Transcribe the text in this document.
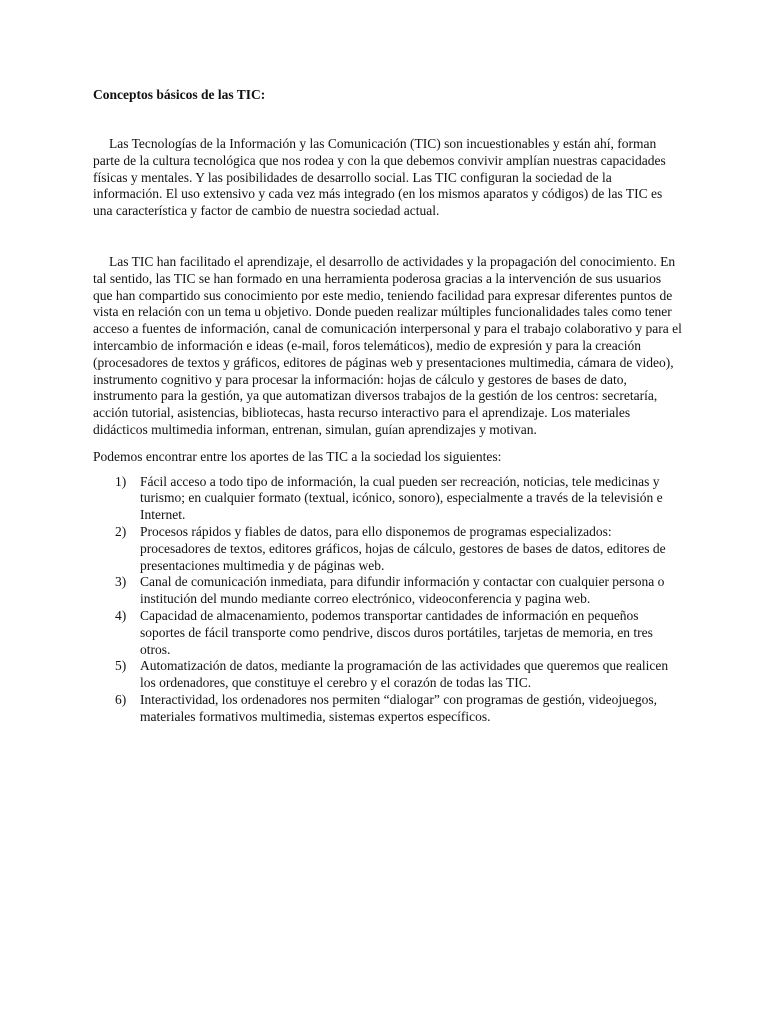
Conceptos básicos de las TIC:

Las Tecnologías de la Información y las Comunicación (TIC) son incuestionables y están ahí, forman parte de la cultura tecnológica que nos rodea y con la que debemos convivir amplían nuestras capacidades físicas y mentales. Y las posibilidades de desarrollo social. Las TIC configuran la sociedad de la información. El uso extensivo y cada vez más integrado (en los mismos aparatos y códigos) de las TIC es una característica y factor de cambio de nuestra sociedad actual.

Las TIC han facilitado el aprendizaje, el desarrollo de actividades y la propagación del conocimiento. En tal sentido, las TIC se han formado en una herramienta poderosa gracias a la intervención de sus usuarios que han compartido sus conocimiento por este medio, teniendo facilidad para expresar diferentes puntos de vista en relación con un tema u objetivo. Donde pueden realizar múltiples funcionalidades tales como tener acceso a fuentes de información, canal de comunicación interpersonal y para el trabajo colaborativo y para el intercambio de información e ideas (e-mail, foros telemáticos), medio de expresión y para la creación (procesadores de textos y gráficos, editores de páginas web y presentaciones multimedia, cámara de video), instrumento cognitivo y para procesar la información: hojas de cálculo y gestores de bases de dato, instrumento para la gestión, ya que automatizan diversos trabajos de la gestión de los centros: secretaría, acción tutorial, asistencias, bibliotecas, hasta recurso interactivo para el aprendizaje. Los materiales didácticos multimedia informan, entrenan, simulan, guían aprendizajes y motivan.

Podemos encontrar entre los aportes de las TIC a la sociedad los siguientes:

1) Fácil acceso a todo tipo de información, la cual pueden ser recreación, noticias, tele medicinas y turismo; en cualquier formato (textual, icónico, sonoro), especialmente a través de la televisión e Internet.
2) Procesos rápidos y fiables de datos, para ello disponemos de programas especializados: procesadores de textos, editores gráficos, hojas de cálculo, gestores de bases de datos, editores de presentaciones multimedia y de páginas web.
3) Canal de comunicación inmediata, para difundir información y contactar con cualquier persona o institución del mundo mediante correo electrónico, videoconferencia y pagina web.
4) Capacidad de almacenamiento, podemos transportar cantidades de información en pequeños soportes de fácil transporte como pendrive, discos duros portátiles, tarjetas de memoria, en tres otros.
5) Automatización de datos, mediante la programación de las actividades que queremos que realicen los ordenadores, que constituye el cerebro y el corazón de todas las TIC.
6) Interactividad, los ordenadores nos permiten “dialogar” con programas de gestión, videojuegos, materiales formativos multimedia, sistemas expertos específicos.
